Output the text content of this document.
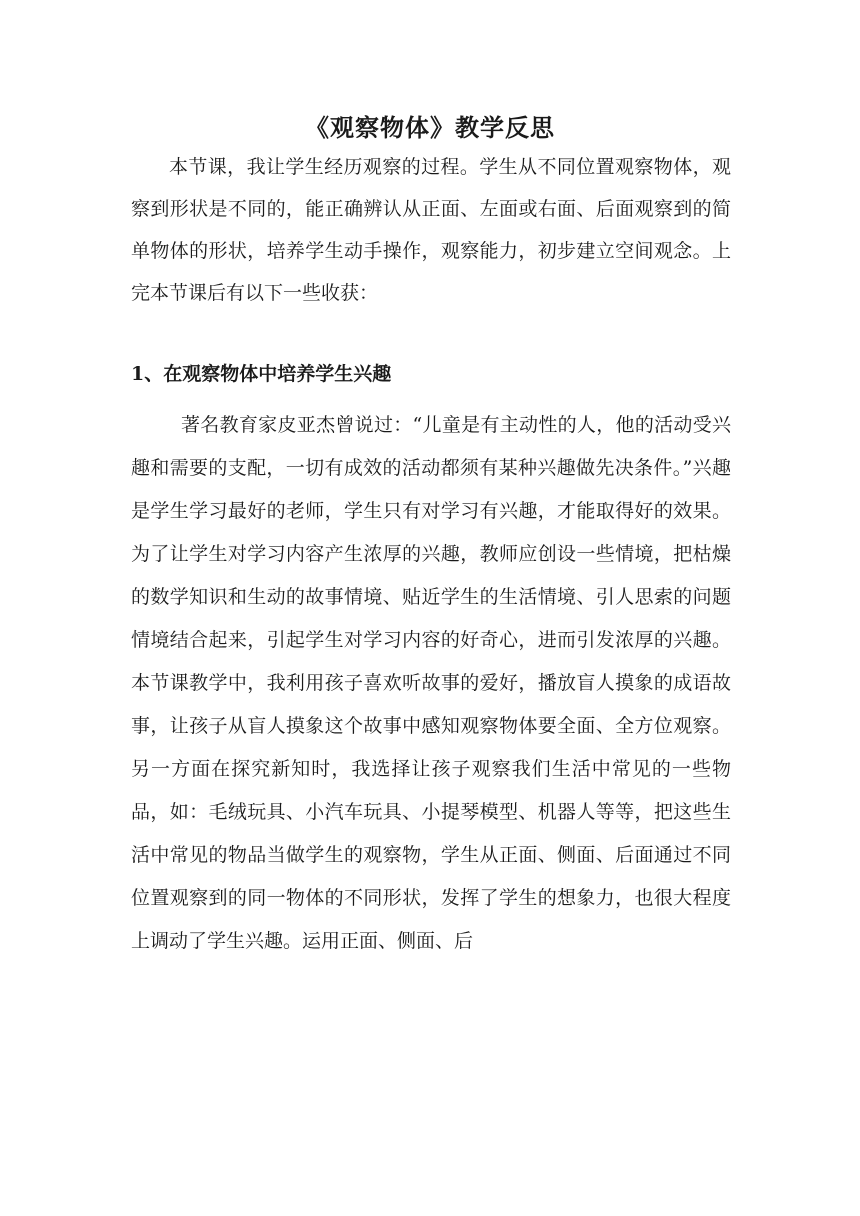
《观察物体》教学反思

本节课，我让学生经历观察的过程。学生从不同位置观察物体，观察到形状是不同的，能正确辨认从正面、左面或右面、后面观察到的简单物体的形状，培养学生动手操作，观察能力，初步建立空间观念。上完本节课后有以下一些收获：

1、在观察物体中培养学生兴趣

著名教育家皮亚杰曾说过：“儿童是有主动性的人，他的活动受兴趣和需要的支配，一切有成效的活动都须有某种兴趣做先决条件。”兴趣是学生学习最好的老师，学生只有对学习有兴趣，才能取得好的效果。为了让学生对学习内容产生浓厚的兴趣，教师应创设一些情境，把枯燥的数学知识和生动的故事情境、贴近学生的生活情境、引人思索的问题情境结合起来，引起学生对学习内容的好奇心，进而引发浓厚的兴趣。本节课教学中，我利用孩子喜欢听故事的爱好，播放盲人摸象的成语故事，让孩子从盲人摸象这个故事中感知观察物体要全面、全方位观察。另一方面在探究新知时，我选择让孩子观察我们生活中常见的一些物品，如：毛绒玩具、小汽车玩具、小提琴模型、机器人等等，把这些生活中常见的物品当做学生的观察物，学生从正面、侧面、后面通过不同位置观察到的同一物体的不同形状，发挥了学生的想象力，也很大程度上调动了学生兴趣。运用正面、侧面、后
